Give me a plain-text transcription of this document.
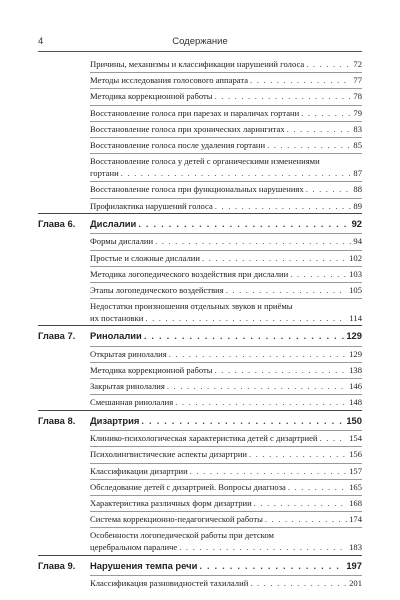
4	Содержание
Причины, механизмы и классификации нарушений голоса . . .	72
Методы исследования голосового аппарата . . .	77
Методика коррекционной работы . . .	78
Восстановление голоса при парезах и параличах гортани . . .	79
Восстановление голоса при хронических ларингитах . . .	83
Восстановление голоса после удаления гортани . . .	85
Восстановление голоса у детей с органическими изменениями
гортани . . .	87
Восстановление голоса при функциональных нарушениях . . .	88
Профилактика нарушений голоса . . .	89
Глава 6.	Дислалии . . .	92
Формы дислалии . . .	94
Простые и сложные дислалии . . .	102
Методика логопедического воздействия при дислалии . . .	103
Этапы логопедического воздействия . . .	105
Недостатки произношения отдельных звуков и приёмы
их постановки . . .	114
Глава 7.	Ринолалии . . .	129
Открытая ринолалия . . .	129
Методика коррекционной работы . . .	138
Закрытая ринолалия . . .	146
Смешанная ринолалия . . .	148
Глава 8.	Дизартрия . . .	150
Клинико-психологическая характеристика детей с дизартрией . . .	154
Психолингвистические аспекты дизартрии . . .	156
Классификации дизартрии . . .	157
Обследование детей с дизартрией. Вопросы диагноза . . .	165
Характеристика различных форм дизартрии . . .	168
Система коррекционно-педагогической работы . . .	174
Особенности логопедической работы при детском
церебральном параличе . . .	183
Глава 9.	Нарушения темпа речи . . .	197
Классификация разновидностей тахилалий . . .	201
